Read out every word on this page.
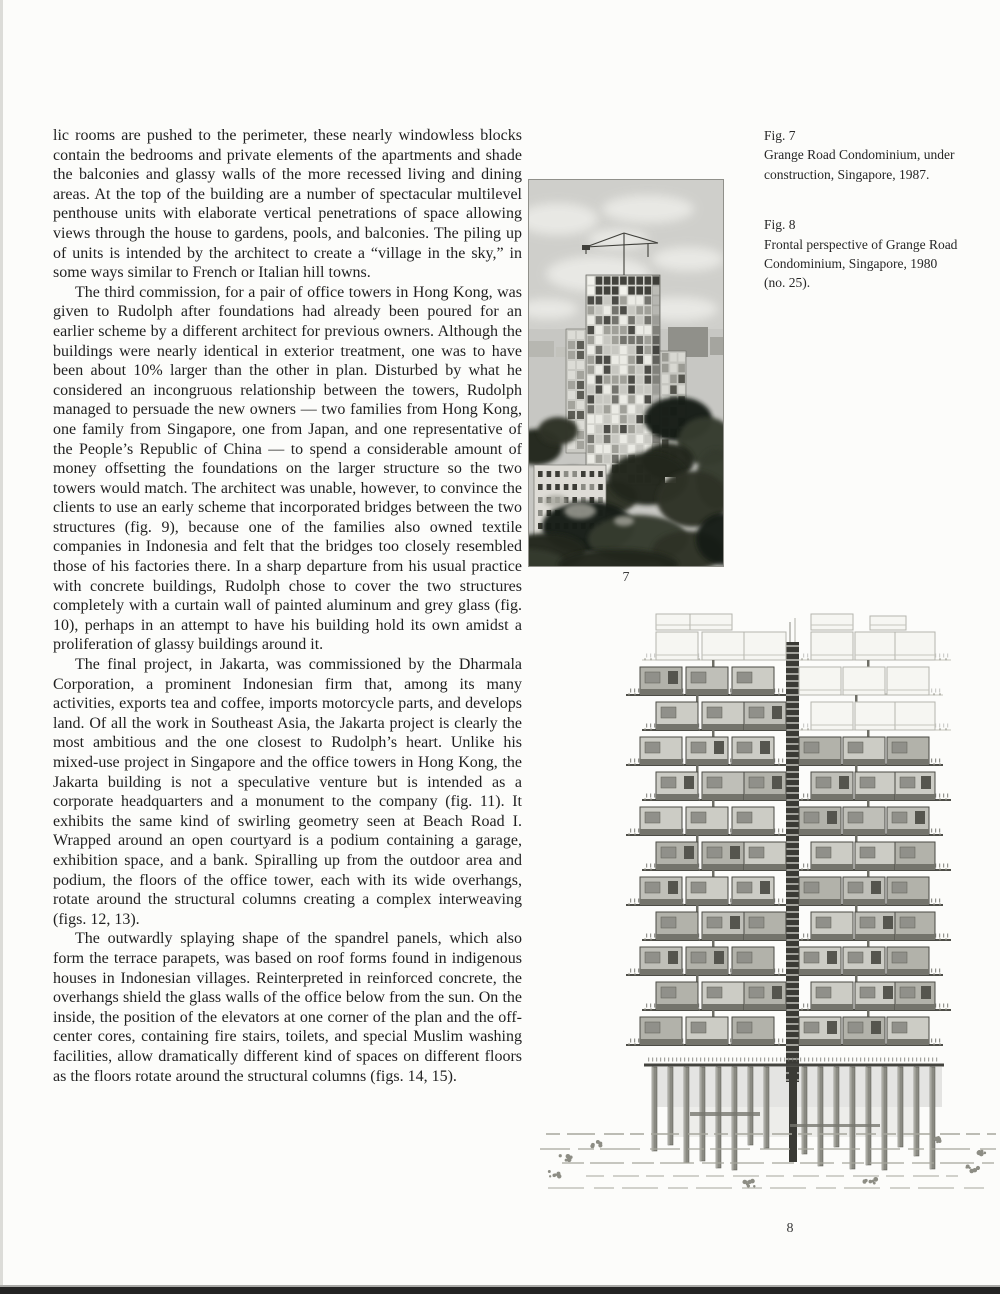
lic rooms are pushed to the perimeter, these nearly windowless blocks contain the bedrooms and private elements of the apartments and shade the balconies and glassy walls of the more recessed living and dining areas. At the top of the building are a number of spectacular multilevel penthouse units with elaborate vertical penetrations of space allowing views through the house to gardens, pools, and balconies. The piling up of units is intended by the architect to create a “village in the sky,” in some ways similar to French or Italian hill towns.

The third commission, for a pair of office towers in Hong Kong, was given to Rudolph after foundations had already been poured for an earlier scheme by a different architect for previous owners. Although the buildings were nearly identical in exterior treatment, one was to have been about 10% larger than the other in plan. Disturbed by what he considered an incongruous relationship between the towers, Rudolph managed to persuade the new owners — two families from Hong Kong, one family from Singapore, one from Japan, and one representative of the People’s Republic of China — to spend a considerable amount of money offsetting the foundations on the larger structure so the two towers would match. The architect was unable, however, to convince the clients to use an early scheme that incorporated bridges between the two structures (fig. 9), because one of the families also owned textile companies in Indonesia and felt that the bridges too closely resembled those of his factories there. In a sharp departure from his usual practice with concrete buildings, Rudolph chose to cover the two structures completely with a curtain wall of painted aluminum and grey glass (fig. 10), perhaps in an attempt to have his building hold its own amidst a proliferation of glassy buildings around it.

The final project, in Jakarta, was commissioned by the Dharmala Corporation, a prominent Indonesian firm that, among its many activities, exports tea and coffee, imports motorcycle parts, and develops land. Of all the work in Southeast Asia, the Jakarta project is clearly the most ambitious and the one closest to Rudolph’s heart. Unlike his mixed-use project in Singapore and the office towers in Hong Kong, the Jakarta building is not a speculative venture but is intended as a corporate headquarters and a monument to the company (fig. 11). It exhibits the same kind of swirling geometry seen at Beach Road I. Wrapped around an open courtyard is a podium containing a garage, exhibition space, and a bank. Spiralling up from the outdoor area and podium, the floors of the office tower, each with its wide overhangs, rotate around the structural columns creating a complex interweaving (figs. 12, 13).

The outwardly splaying shape of the spandrel panels, which also form the terrace parapets, was based on roof forms found in indigenous houses in Indonesian villages. Reinterpreted in reinforced concrete, the overhangs shield the glass walls of the office below from the sun. On the inside, the position of the elevators at one corner of the plan and the off-center cores, containing fire stairs, toilets, and special Muslim washing facilities, allow dramatically different kind of spaces on different floors as the floors rotate around the structural columns (figs. 14, 15).

Fig. 7
Grange Road Condominium, under construction, Singapore, 1987.
Fig. 8
Frontal perspective of Grange Road Condominium, Singapore, 1980
(no. 25).
7
8
